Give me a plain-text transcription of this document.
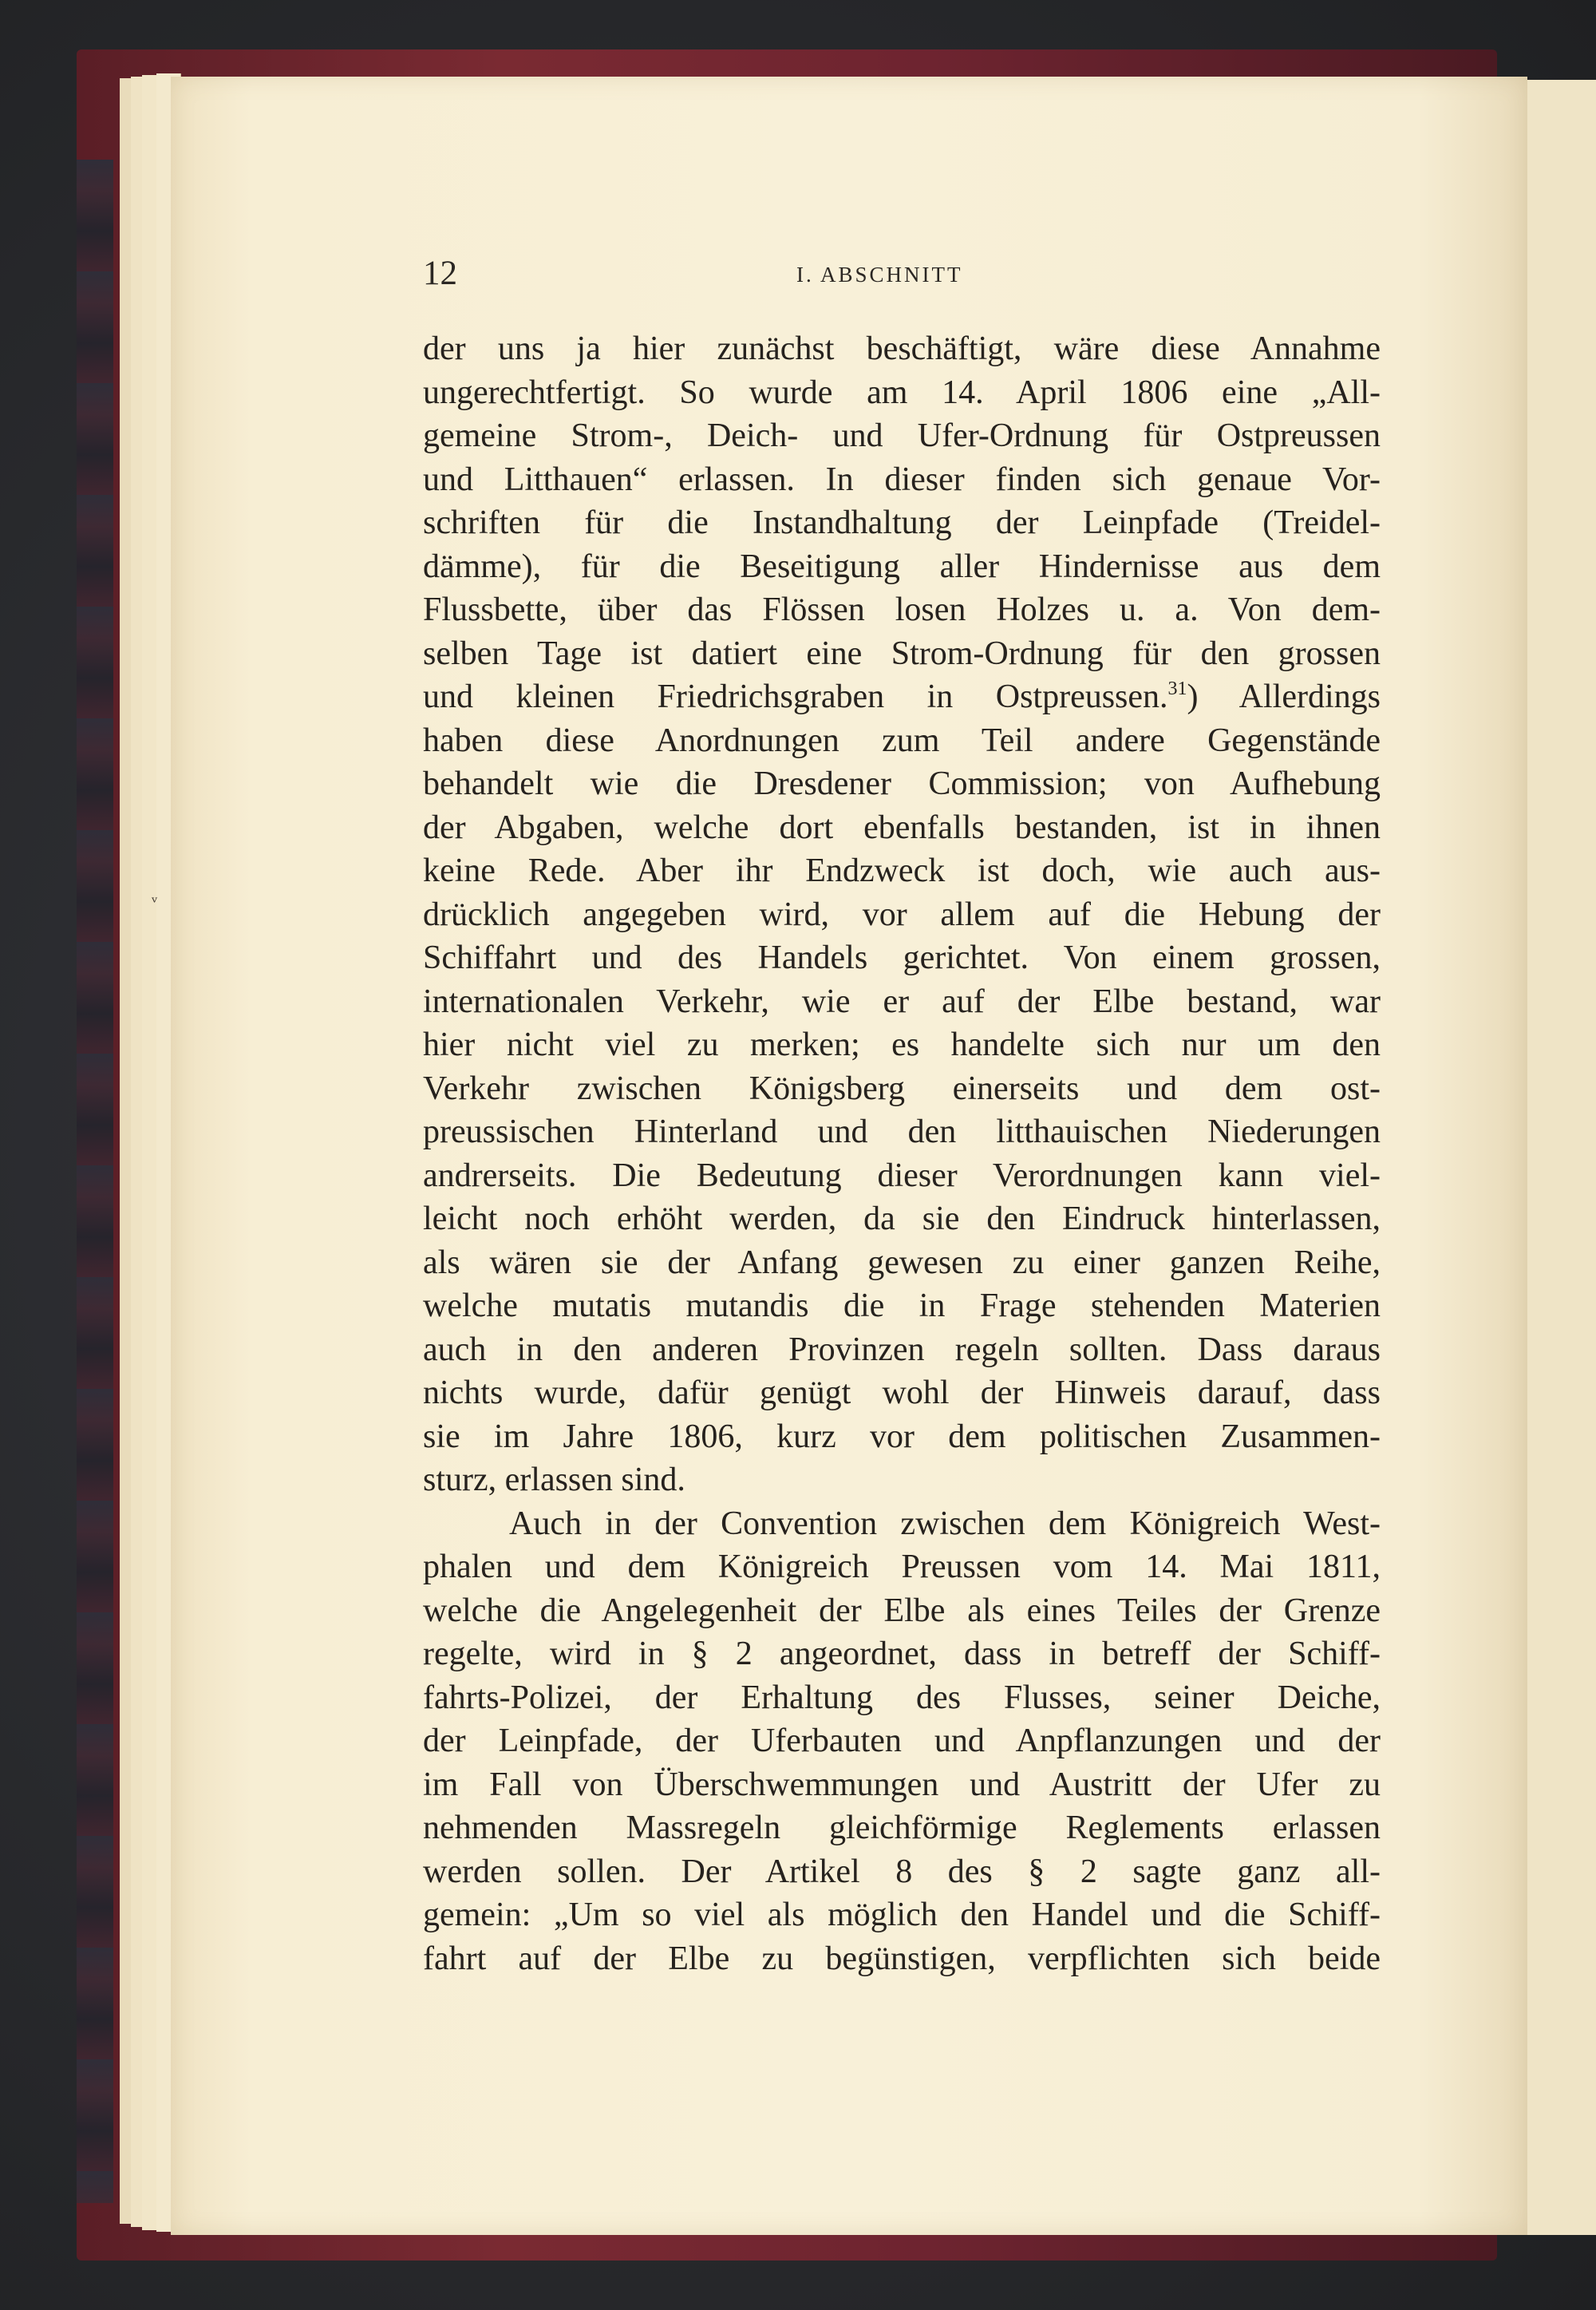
12	I. ABSCHNITT
ᵛ
der uns ja hier zunächst beschäftigt, wäre diese Annahme
ungerechtfertigt. So wurde am 14. April 1806 eine „All-
gemeine Strom-, Deich- und Ufer-Ordnung für Ostpreussen
und Litthauen“ erlassen. In dieser finden sich genaue Vor-
schriften für die Instandhaltung der Leinpfade (Treidel-
dämme), für die Beseitigung aller Hindernisse aus dem
Flussbette, über das Flössen losen Holzes u. a. Von dem-
selben Tage ist datiert eine Strom-Ordnung für den grossen
und kleinen Friedrichsgraben in Ostpreussen.$^{31}$) Allerdings
haben diese Anordnungen zum Teil andere Gegenstände
behandelt wie die Dresdener Commission; von Aufhebung
der Abgaben, welche dort ebenfalls bestanden, ist in ihnen
keine Rede. Aber ihr Endzweck ist doch, wie auch aus-
drücklich angegeben wird, vor allem auf die Hebung der
Schiffahrt und des Handels gerichtet. Von einem grossen,
internationalen Verkehr, wie er auf der Elbe bestand, war
hier nicht viel zu merken; es handelte sich nur um den
Verkehr zwischen Königsberg einerseits und dem ost-
preussischen Hinterland und den litthauischen Niederungen
andrerseits. Die Bedeutung dieser Verordnungen kann viel-
leicht noch erhöht werden, da sie den Eindruck hinterlassen,
als wären sie der Anfang gewesen zu einer ganzen Reihe,
welche mutatis mutandis die in Frage stehenden Materien
auch in den anderen Provinzen regeln sollten. Dass daraus
nichts wurde, dafür genügt wohl der Hinweis darauf, dass
sie im Jahre 1806, kurz vor dem politischen Zusammen-
sturz, erlassen sind.
Auch in der Convention zwischen dem Königreich West-
phalen und dem Königreich Preussen vom 14. Mai 1811,
welche die Angelegenheit der Elbe als eines Teiles der Grenze
regelte, wird in § 2 angeordnet, dass in betreff der Schiff-
fahrts-Polizei, der Erhaltung des Flusses, seiner Deiche,
der Leinpfade, der Uferbauten und Anpflanzungen und der
im Fall von Überschwemmungen und Austritt der Ufer zu
nehmenden Massregeln gleichförmige Reglements erlassen
werden sollen. Der Artikel 8 des § 2 sagte ganz all-
gemein: „Um so viel als möglich den Handel und die Schiff-
fahrt auf der Elbe zu begünstigen, verpflichten sich beide
